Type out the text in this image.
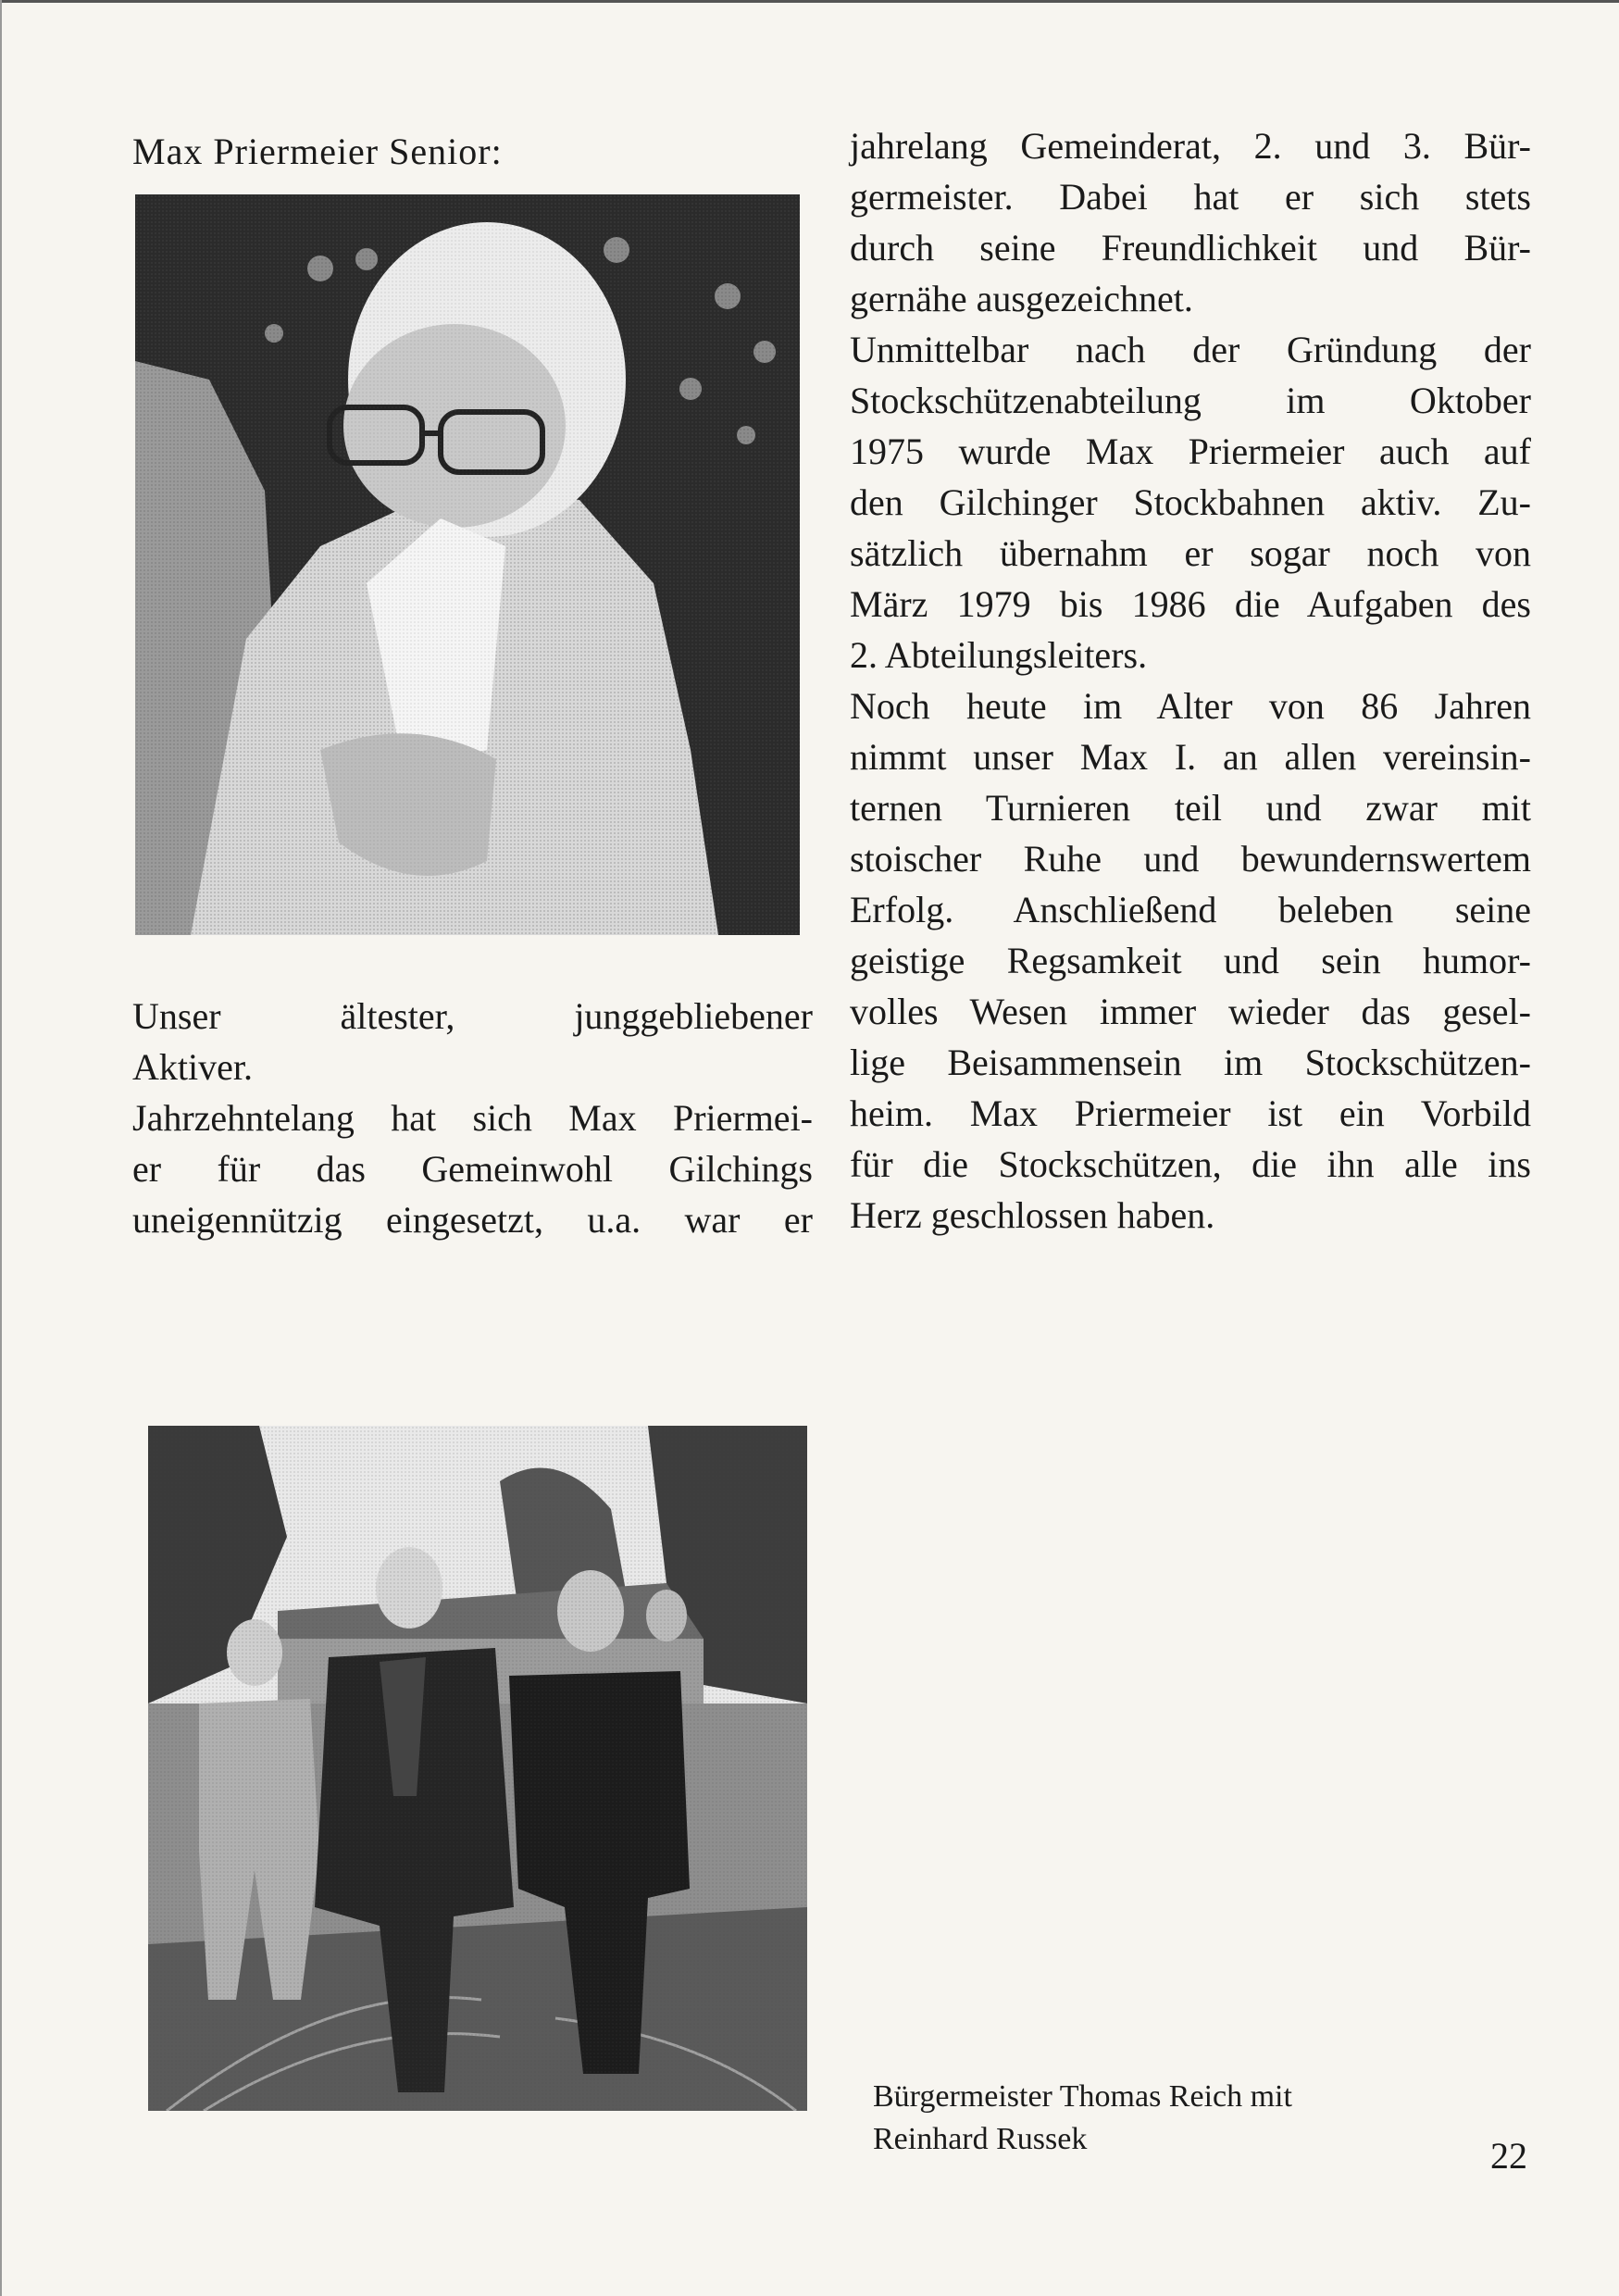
Max Priermeier Senior:

Unser ältester, junggebliebener

Aktiver.

Jahrzehntelang hat sich Max Priermei-

er für das Gemeinwohl Gilchings

uneigennützig eingesetzt, u.a. war er

jahrelang Gemeinderat, 2. und 3. Bür-

germeister. Dabei hat er sich stets

durch seine Freundlichkeit und Bür-

gernähe ausgezeichnet.

Unmittelbar nach der Gründung der

Stockschützenabteilung im Oktober

1975 wurde Max Priermeier auch auf

den Gilchinger Stockbahnen aktiv. Zu-

sätzlich übernahm er sogar noch von

März 1979 bis 1986 die Aufgaben des

2. Abteilungsleiters.

Noch heute im Alter von 86 Jahren

nimmt unser Max I. an allen vereinsin-

ternen Turnieren teil und zwar mit

stoischer Ruhe und bewundernswertem

Erfolg. Anschließend beleben seine

geistige Regsamkeit und sein humor-

volles Wesen immer wieder das gesel-

lige Beisammensein im Stockschützen-

heim. Max Priermeier ist ein Vorbild

für die Stockschützen, die ihn alle ins

Herz geschlossen haben.

Bürgermeister Thomas Reich mit

Reinhard Russek	22
